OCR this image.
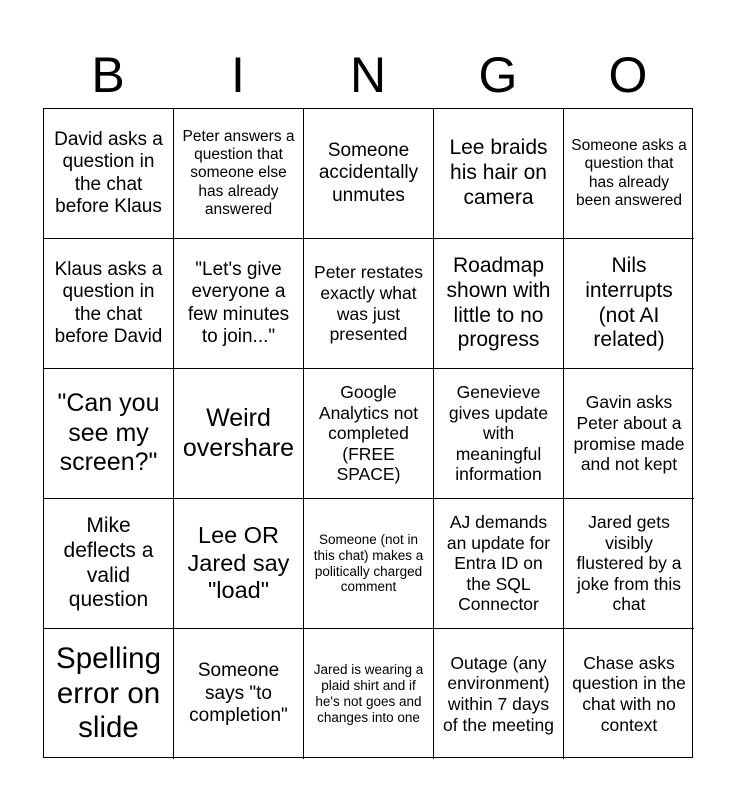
B	I	N	G	O
David asks a question in the chat before Klaus
Peter answers a question that someone else has already answered
Someone accidentally unmutes
Lee braids his hair on camera
Someone asks a question that has already been answered
Klaus asks a question in the chat before David
"Let's give everyone a few minutes to join..."
Peter restates exactly what was just presented
Roadmap shown with little to no progress
Nils interrupts (not AI related)
"Can you see my screen?"
Weird overshare
Google Analytics not completed (FREE SPACE)
Genevieve gives update with meaningful information
Gavin asks Peter about a promise made and not kept
Mike deflects a valid question
Lee OR Jared say "load"
Someone (not in this chat) makes a politically charged comment
AJ demands an update for Entra ID on the SQL Connector
Jared gets visibly flustered by a joke from this chat
Spelling error on slide
Someone says "to completion"
Jared is wearing a plaid shirt and if he's not goes and changes into one
Outage (any environment) within 7 days of the meeting
Chase asks question in the chat with no context
